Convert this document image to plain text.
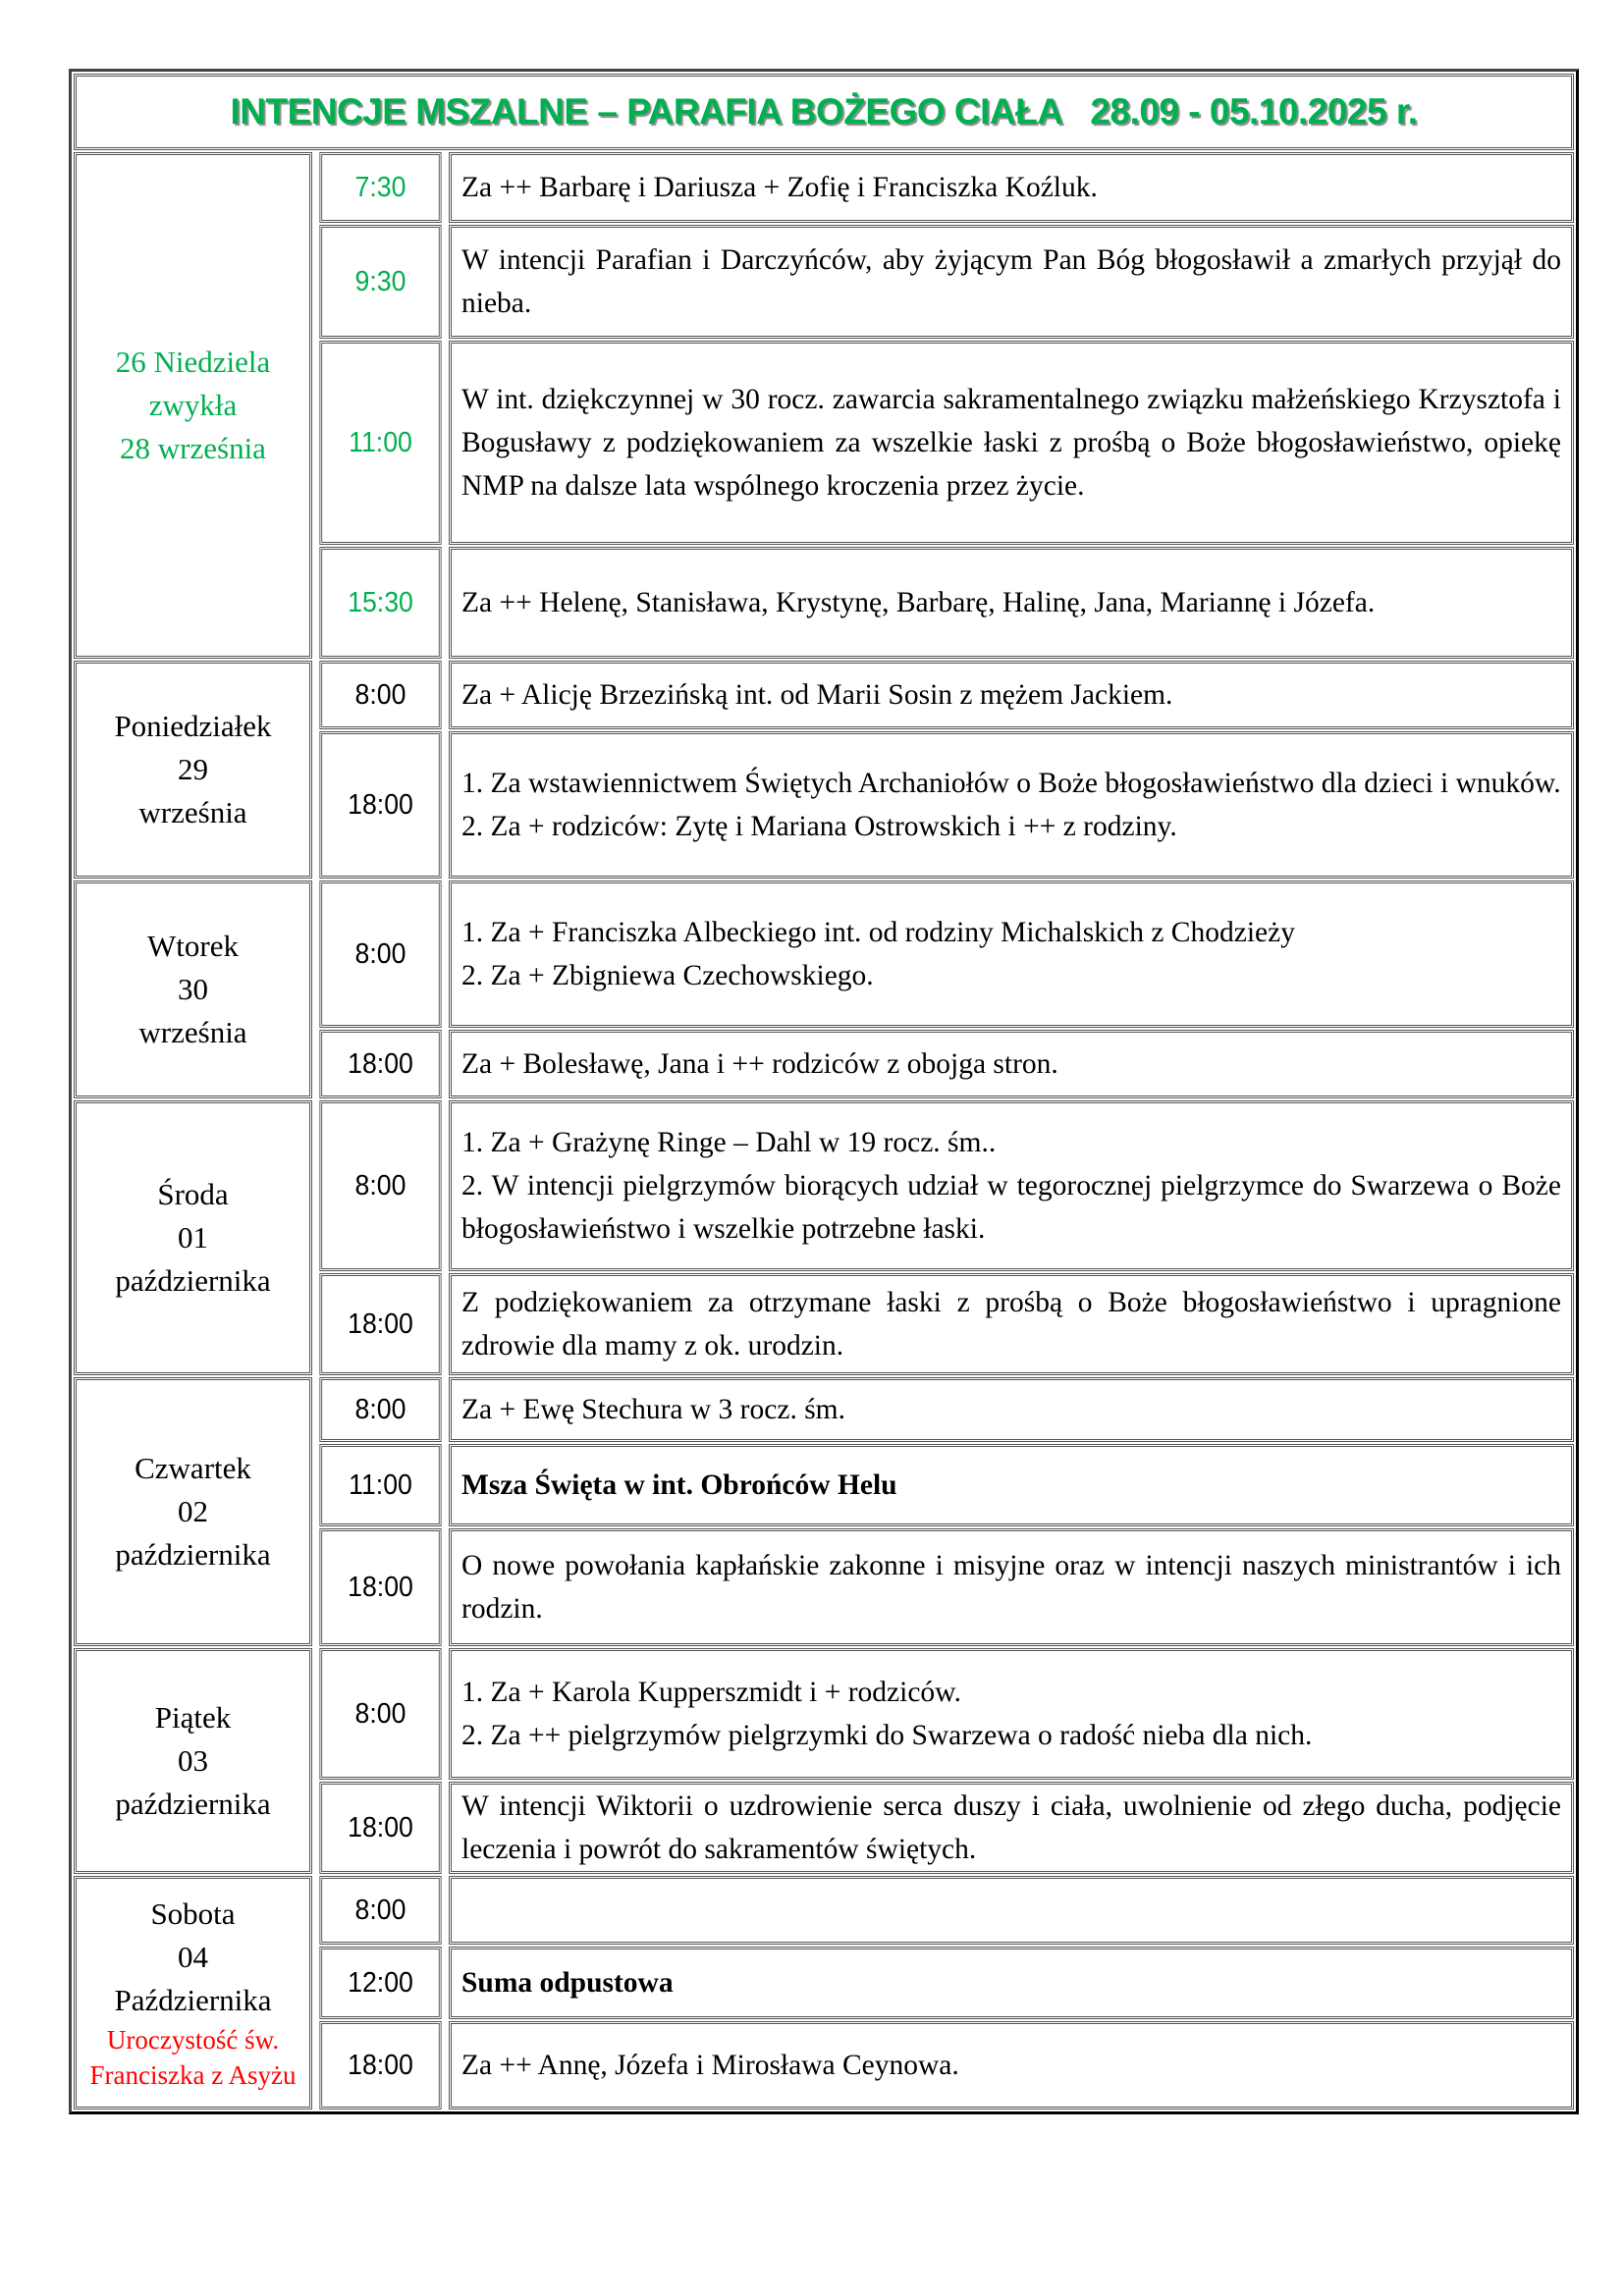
INTENCJE MSZALNE – PARAFIA BOŻEGO CIAŁA   28.09 - 05.10.2025 r.		

26 Niedziela
zwykła
28 września	7:30	Za ++ Barbarę i Dariusza + Zofię i Franciszka Koźluk.
	9:30	W intencji Parafian i Darczyńców, aby żyjącym Pan Bóg błogosławił a zmarłych przyjął do nieba.
	11:00	W int. dziękczynnej w 30 rocz. zawarcia sakramentalnego związku małżeńskiego Krzysztofa i Bogusławy z podziękowaniem za wszelkie łaski z prośbą o Boże błogosławieństwo, opiekę NMP na dalsze lata wspólnego kroczenia przez życie.
	15:30	Za ++ Helenę, Stanisława, Krystynę, Barbarę, Halinę, Jana, Mariannę i Józefa.

Poniedziałek
29
września	8:00	Za + Alicję Brzezińską int. od Marii Sosin z mężem Jackiem.
	18:00	1. Za wstawiennictwem Świętych Archaniołów o Boże błogosławieństwo dla dzieci i wnuków.
2. Za + rodziców: Zytę i Mariana Ostrowskich i ++ z rodziny.

Wtorek
30
września	8:00	1. Za + Franciszka Albeckiego int. od rodziny Michalskich z Chodzieży
2. Za + Zbigniewa Czechowskiego.

	18:00	Za + Bolesławę, Jana i ++ rodziców z obojga stron.

Środa
01
października	8:00	1. Za + Grażynę Ringe – Dahl w 19 rocz. śm..
2. W intencji pielgrzymów biorących udział w tegorocznej pielgrzymce do Swarzewa o Boże błogosławieństwo i wszelkie potrzebne łaski.

	18:00	Z podziękowaniem za otrzymane łaski z prośbą o Boże błogosławieństwo i upragnione zdrowie dla mamy z ok. urodzin.

Czwartek
02
października	8:00	Za + Ewę Stechura w 3 rocz. śm.
	11:00	Msza Święta w int. Obrońców Helu
	18:00	O nowe powołania kapłańskie zakonne i misyjne oraz w intencji naszych ministrantów i ich rodzin.

Piątek
03
października	8:00	1. Za + Karola Kupperszmidt i + rodziców.
2. Za ++ pielgrzymów pielgrzymki do Swarzewa o radość nieba dla nich.

	18:00	W intencji Wiktorii o uzdrowienie serca duszy i ciała, uwolnienie od złego ducha, podjęcie leczenia i powrót do sakramentów świętych.

Sobota
04
Października
Uroczystość św. Franciszka z Asyżu	8:00	
	12:00	Suma odpustowa
	18:00	Za ++ Annę, Józefa i Mirosława Ceynowa.
